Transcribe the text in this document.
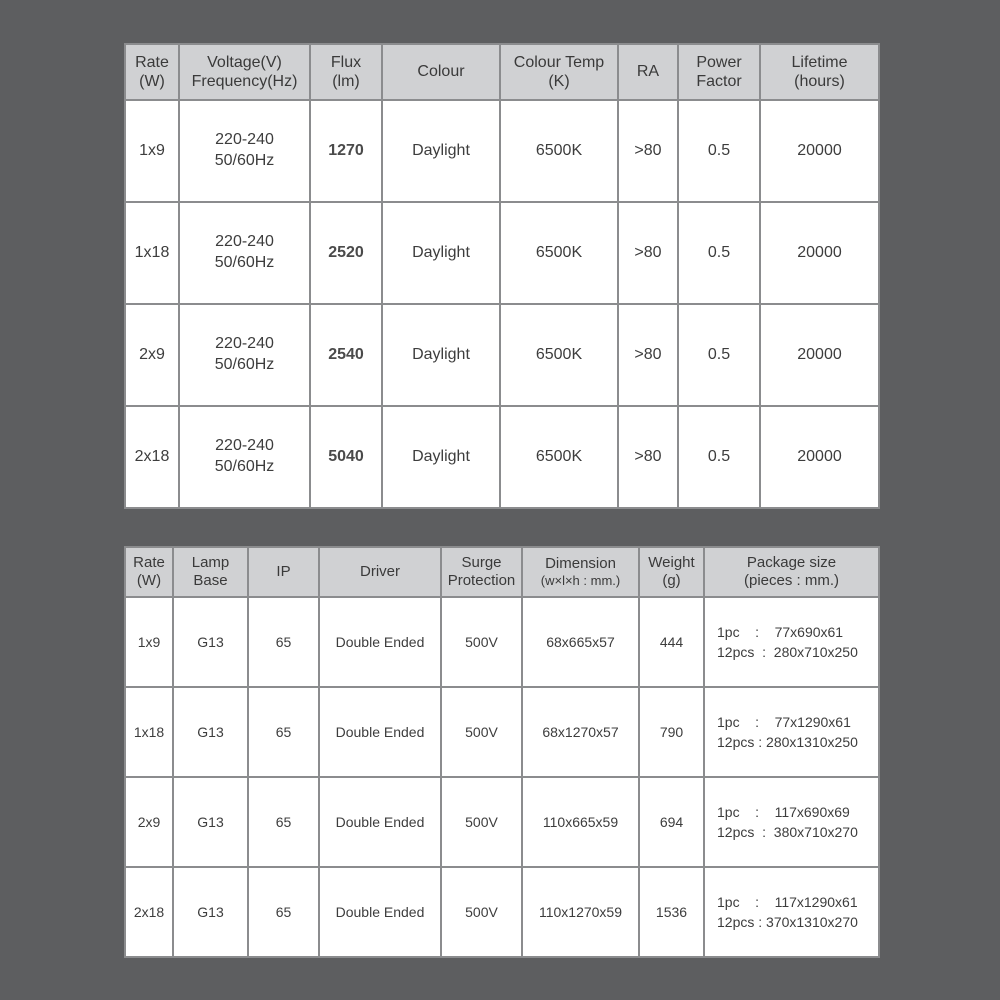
Rate
(W)	Voltage(V)
Frequency(Hz)	Flux
(lm)	Colour	Colour Temp
(K)	RA	Power
Factor	Lifetime
(hours)

1x9	220-240
50/60Hz	1270	Daylight	6500K	>80	0.5	20000
1x18	220-240
50/60Hz	2520	Daylight	6500K	>80	0.5	20000
2x9	220-240
50/60Hz	2540	Daylight	6500K	>80	0.5	20000
2x18	220-240
50/60Hz	5040	Daylight	6500K	>80	0.5	20000
Rate
(W)	Lamp
Base	IP	Driver	Surge
Protection	Dimension
(w×l×h : mm.)	Weight
(g)	Package size
(pieces : mm.)

1x9	G13	65	Double Ended	500V	68x665x57	444	1pc    :    77x690x61
12pcs  :  280x710x250

1x18	G13	65	Double Ended	500V	68x1270x57	790	1pc    :    77x1290x61
12pcs : 280x1310x250

2x9	G13	65	Double Ended	500V	110x665x59	694	1pc    :    117x690x69
12pcs  :  380x710x270

2x18	G13	65	Double Ended	500V	110x1270x59	1536	1pc    :    117x1290x61
12pcs : 370x1310x270
